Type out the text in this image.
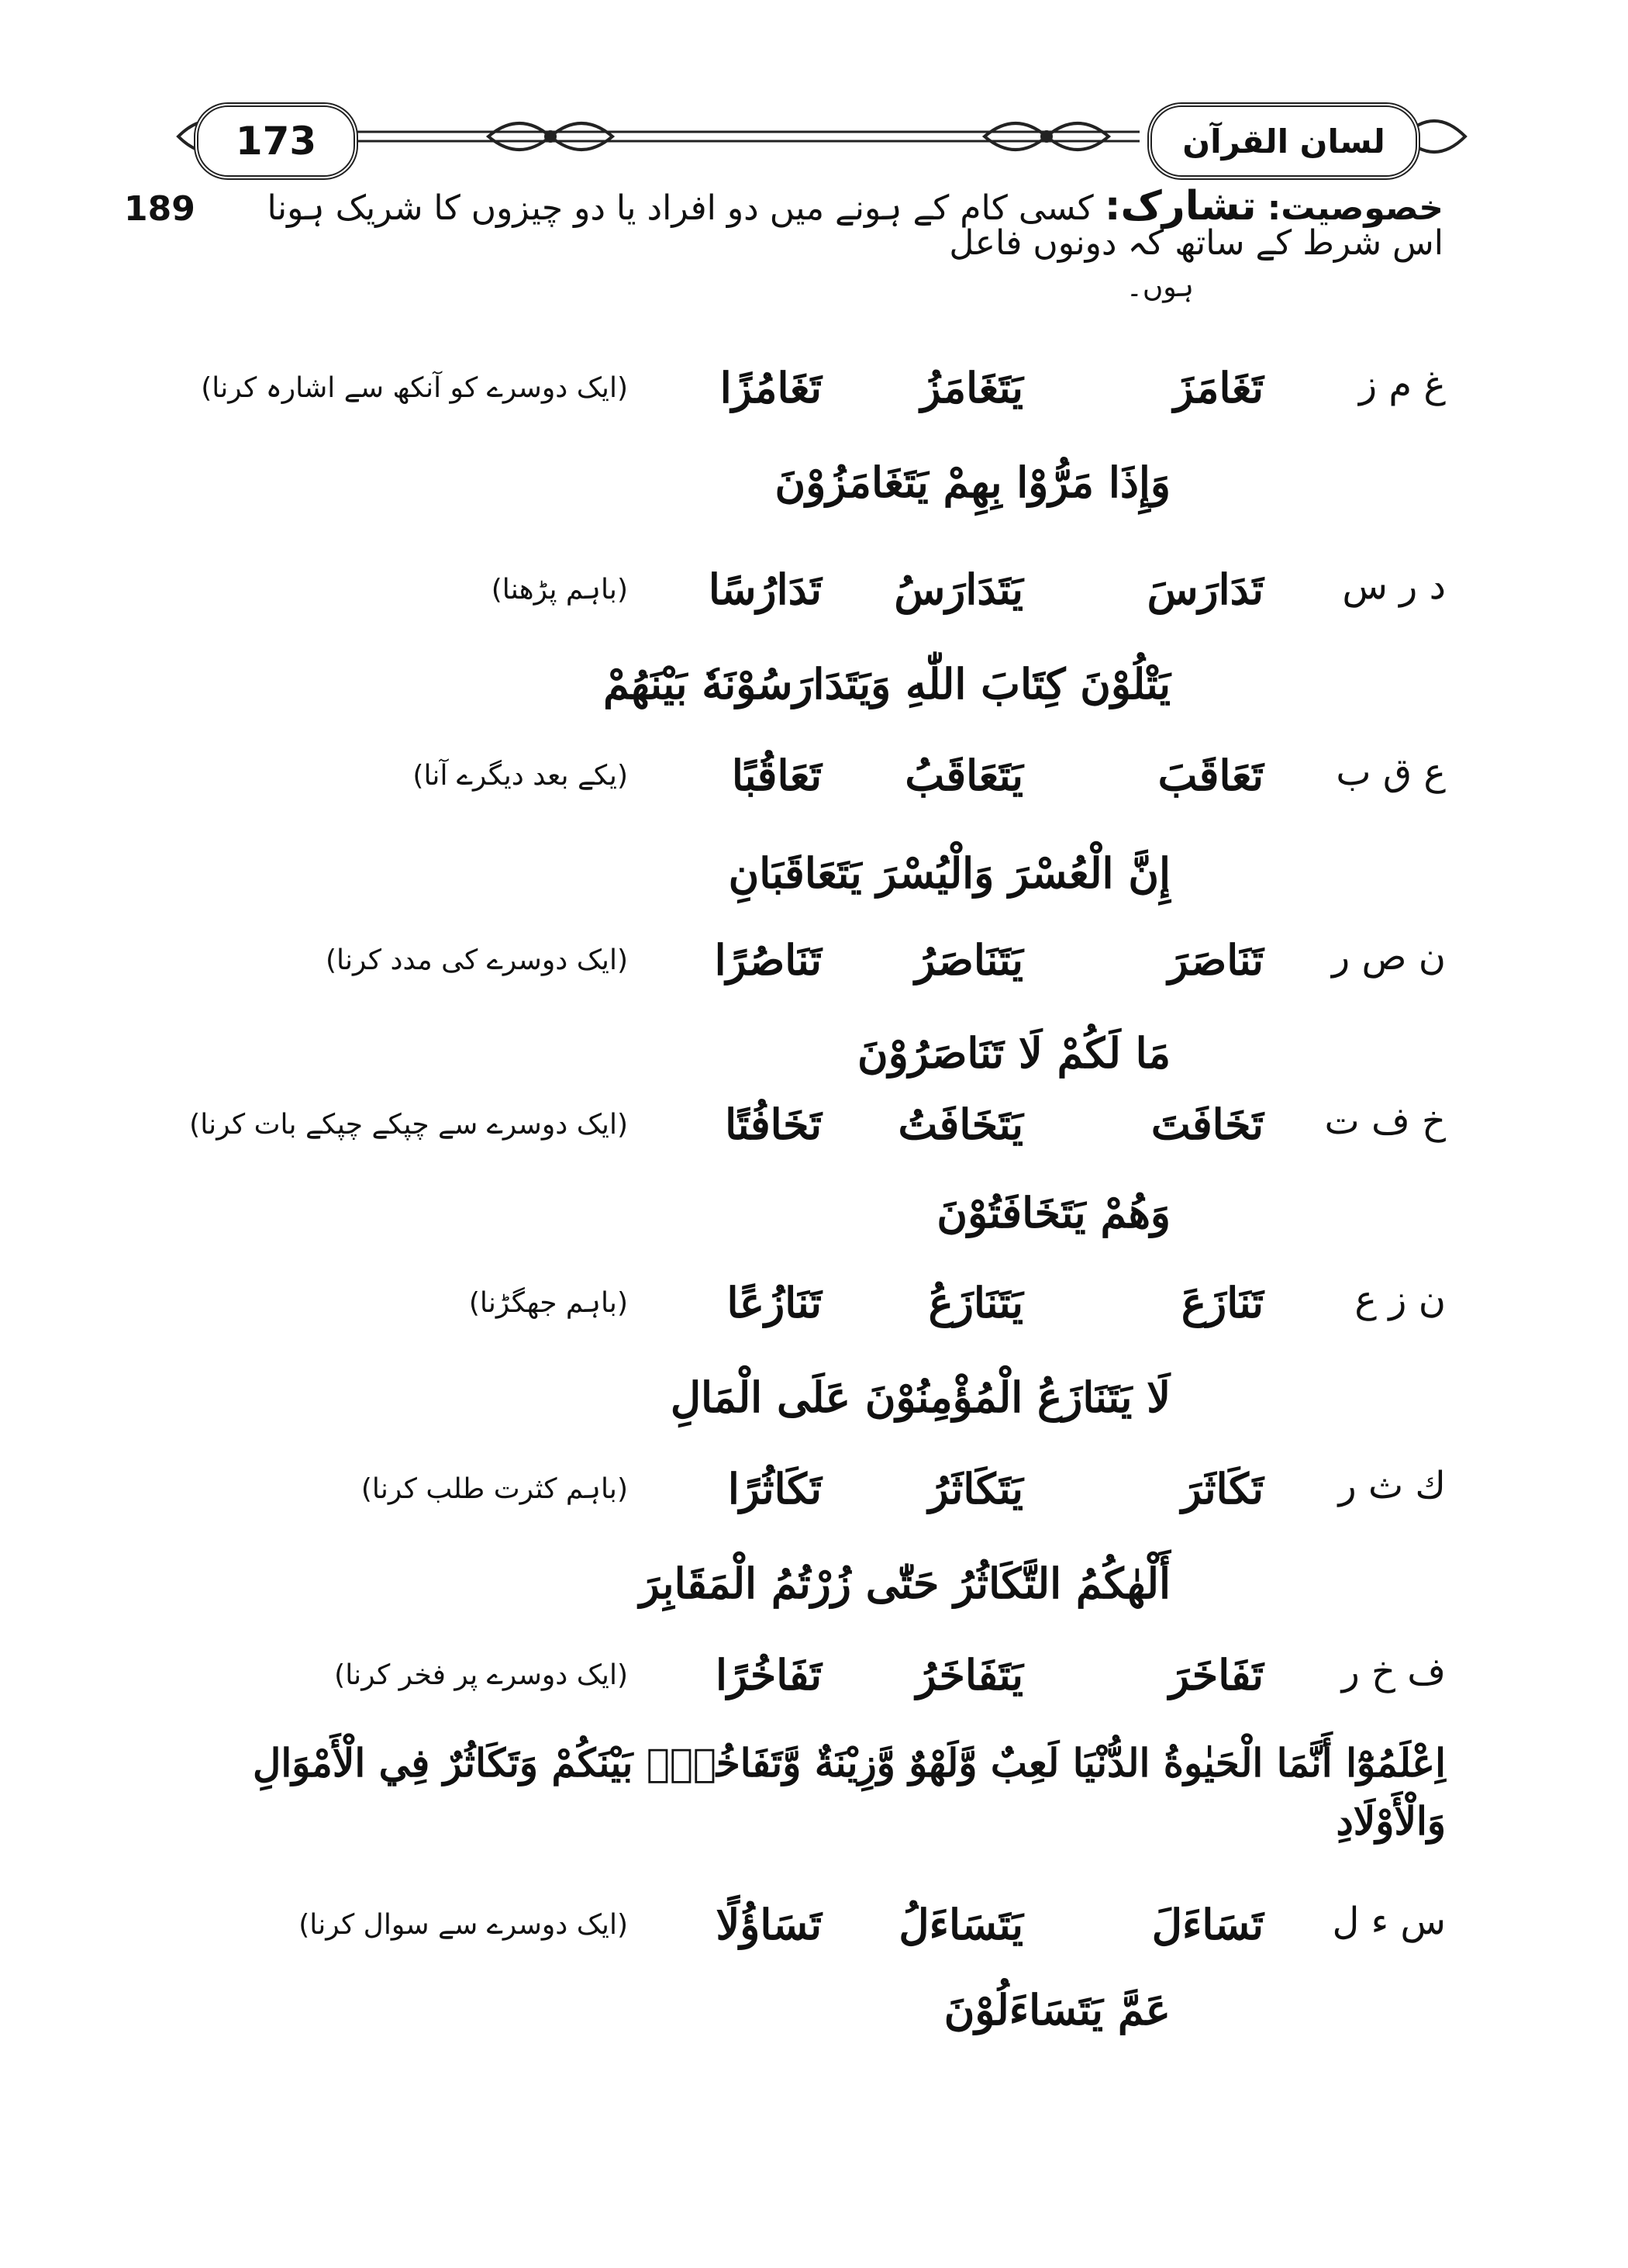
173	لسان القرآن
خصوصیت: تشارک: کسی کام کے ہونے میں دو افراد یا دو چیزوں کا شریک ہونا اس شرط کے ساتھ کہ دونوں فاعل
ہوں۔
189
غ م ز
تَغَامَزَ
يَتَغَامَزُ
تَغَامُزًا
(ایک دوسرے کو آنکھ سے اشارہ کرنا)
وَإِذَا مَرُّوْا بِهِمْ يَتَغَامَزُوْنَ
د ر س
تَدَارَسَ
يَتَدَارَسُ
تَدَارُسًا
(باہم پڑھنا)
يَتْلُوْنَ كِتَابَ اللّٰهِ وَيَتَدَارَسُوْنَهٗ بَيْنَهُمْ
ع ق ب
تَعَاقَبَ
يَتَعَاقَبُ
تَعَاقُبًا
(یکے بعد دیگرے آنا)
إِنَّ الْعُسْرَ وَالْيُسْرَ يَتَعَاقَبَانِ
ن ص ر
تَنَاصَرَ
يَتَنَاصَرُ
تَنَاصُرًا
(ایک دوسرے کی مدد کرنا)
مَا لَكُمْ لَا تَنَاصَرُوْنَ
خ ف ت
تَخَافَتَ
يَتَخَافَتُ
تَخَافُتًا
(ایک دوسرے سے چپکے چپکے بات کرنا)
وَهُمْ يَتَخَافَتُوْنَ
ن ز ع
تَنَازَعَ
يَتَنَازَعُ
تَنَازُعًا
(باہم جھگڑنا)
لَا يَتَنَازَعُ الْمُؤْمِنُوْنَ عَلَى الْمَالِ
ك ث ر
تَكَاثَرَ
يَتَكَاثَرُ
تَكَاثُرًا
(باہم کثرت طلب کرنا)
أَلْهٰكُمُ التَّكَاثُرُ حَتّٰى زُرْتُمُ الْمَقَابِرَ
ف خ ر
تَفَاخَرَ
يَتَفَاخَرُ
تَفَاخُرًا
(ایک دوسرے پر فخر کرنا)
اِعْلَمُوْٓا أَنَّمَا الْحَيٰوةُ الدُّنْيَا لَعِبٌ وَّلَهْوٌ وَّزِيْنَةٌ وَّتَفَاخُرٌۢ بَيْنَكُمْ وَتَكَاثُرٌ فِي الْأَمْوَالِ وَالْأَوْلَادِ
س ء ل
تَسَاءَلَ
يَتَسَاءَلُ
تَسَاؤُلًا
(ایک دوسرے سے سوال کرنا)
عَمَّ يَتَسَاءَلُوْنَ
